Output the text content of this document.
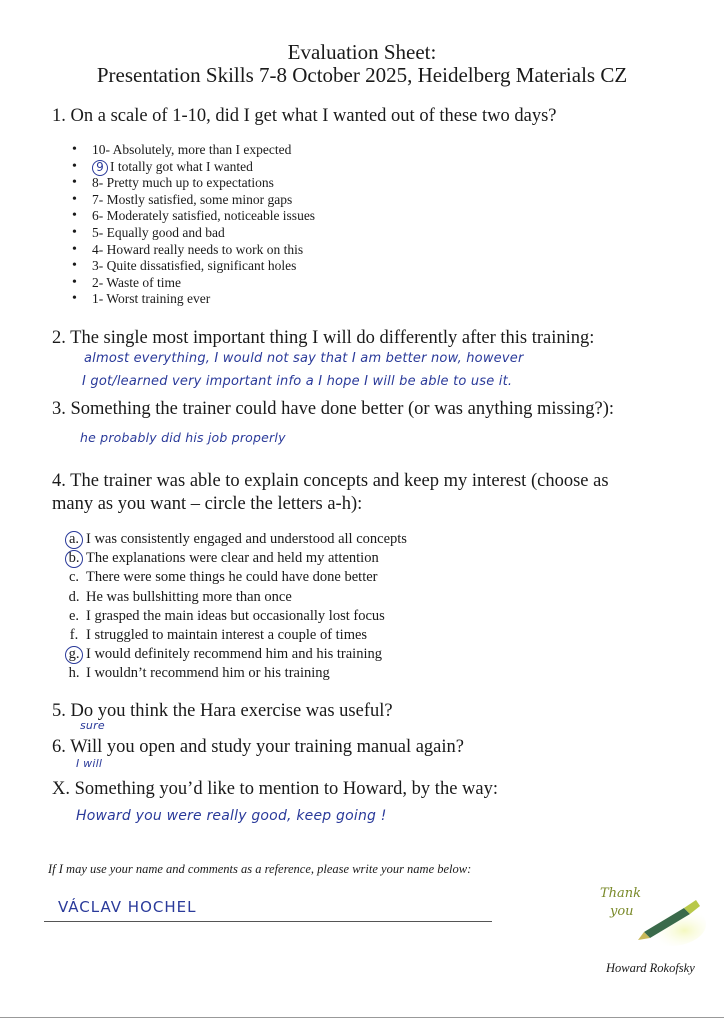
Evaluation Sheet:
Presentation Skills 7-8 October 2025, Heidelberg Materials CZ
1. On a scale of 1-10, did I get what I wanted out of these two days?
• 10- Absolutely, more than I expected
• 9 I totally got what I wanted
• 8- Pretty much up to expectations
• 7- Mostly satisfied, some minor gaps
• 6- Moderately satisfied, noticeable issues
• 5- Equally good and bad
• 4- Howard really needs to work on this
• 3- Quite dissatisfied, significant holes
• 2- Waste of time
• 1- Worst training ever
2. The single most important thing I will do differently after this training:
almost everything, I would not say that I am better now, however
I got/learned very important info a I hope I will be able to use it.
3. Something the trainer could have done better (or was anything missing?):
he probably did his job properly
4. The trainer was able to explain concepts and keep my interest (choose as
many as you want – circle the letters a-h):
a. I was consistently engaged and understood all concepts
b. The explanations were clear and held my attention
c. There were some things he could have done better
d. He was bullshitting more than once
e. I grasped the main ideas but occasionally lost focus
f. I struggled to maintain interest a couple of times
g. I would definitely recommend him and his training
h. I wouldn’t recommend him or his training
5. Do you think the Hara exercise was useful?
sure
6. Will you open and study your training manual again?
I will
X. Something you’d like to mention to Howard, by the way:
Howard you were really good, keep going !
If I may use your name and comments as a reference, please write your name below:
VÁCLAV HOCHEL
Thank
you
Howard Rokofsky
